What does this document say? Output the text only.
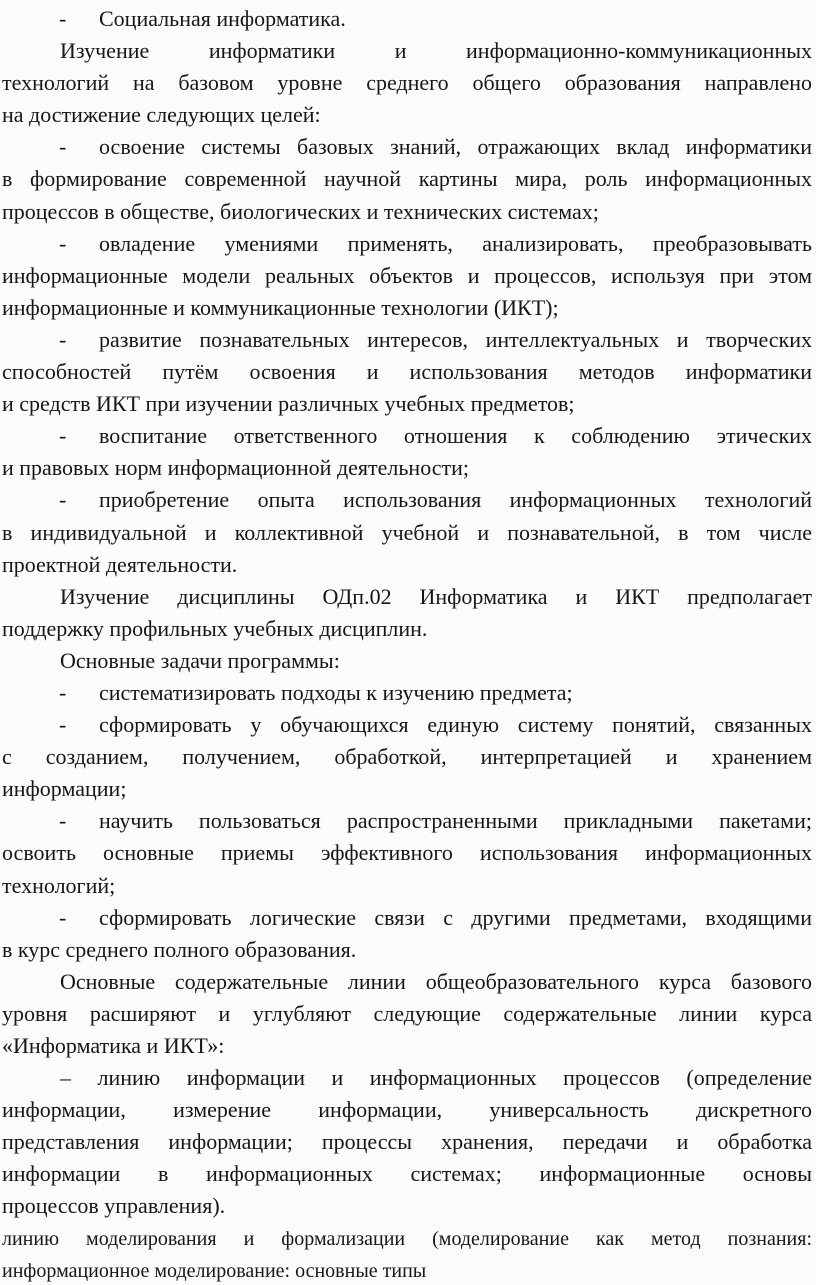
- Социальная информатика.
Изучение информатики и информационно-коммуникационных
технологий на базовом уровне среднего общего образования направлено
на достижение следующих целей:
- освоение системы базовых знаний, отражающих вклад информатики
в формирование современной научной картины мира, роль информационных
процессов в обществе, биологических и технических системах;
- овладение умениями применять, анализировать, преобразовывать
информационные модели реальных объектов и процессов, используя при этом
информационные и коммуникационные технологии (ИКТ);
- развитие познавательных интересов, интеллектуальных и творческих
способностей путём освоения и использования методов информатики
и средств ИКТ при изучении различных учебных предметов;
- воспитание ответственного отношения к соблюдению этических
и правовых норм информационной деятельности;
- приобретение опыта использования информационных технологий
в индивидуальной и коллективной учебной и познавательной, в том числе
проектной деятельности.
Изучение дисциплины ОДп.02 Информатика и ИКТ предполагает
поддержку профильных учебных дисциплин.
Основные задачи программы:
- систематизировать подходы к изучению предмета;
- сформировать у обучающихся единую систему понятий, связанных
с созданием, получением, обработкой, интерпретацией и хранением
информации;
- научить пользоваться распространенными прикладными пакетами;
освоить основные приемы эффективного использования информационных
технологий;
- сформировать логические связи с другими предметами, входящими
в курс среднего полного образования.
Основные содержательные линии общеобразовательного курса базового
уровня расширяют и углубляют следующие содержательные линии курса
«Информатика и ИКТ»:
– линию информации и информационных процессов (определение
информации, измерение информации, универсальность дискретного
представления информации; процессы хранения, передачи и обработка
информации в информационных системах; информационные основы
процессов управления).
линию моделирования и формализации (моделирование как метод познания:
информационное моделирование: основные типы
